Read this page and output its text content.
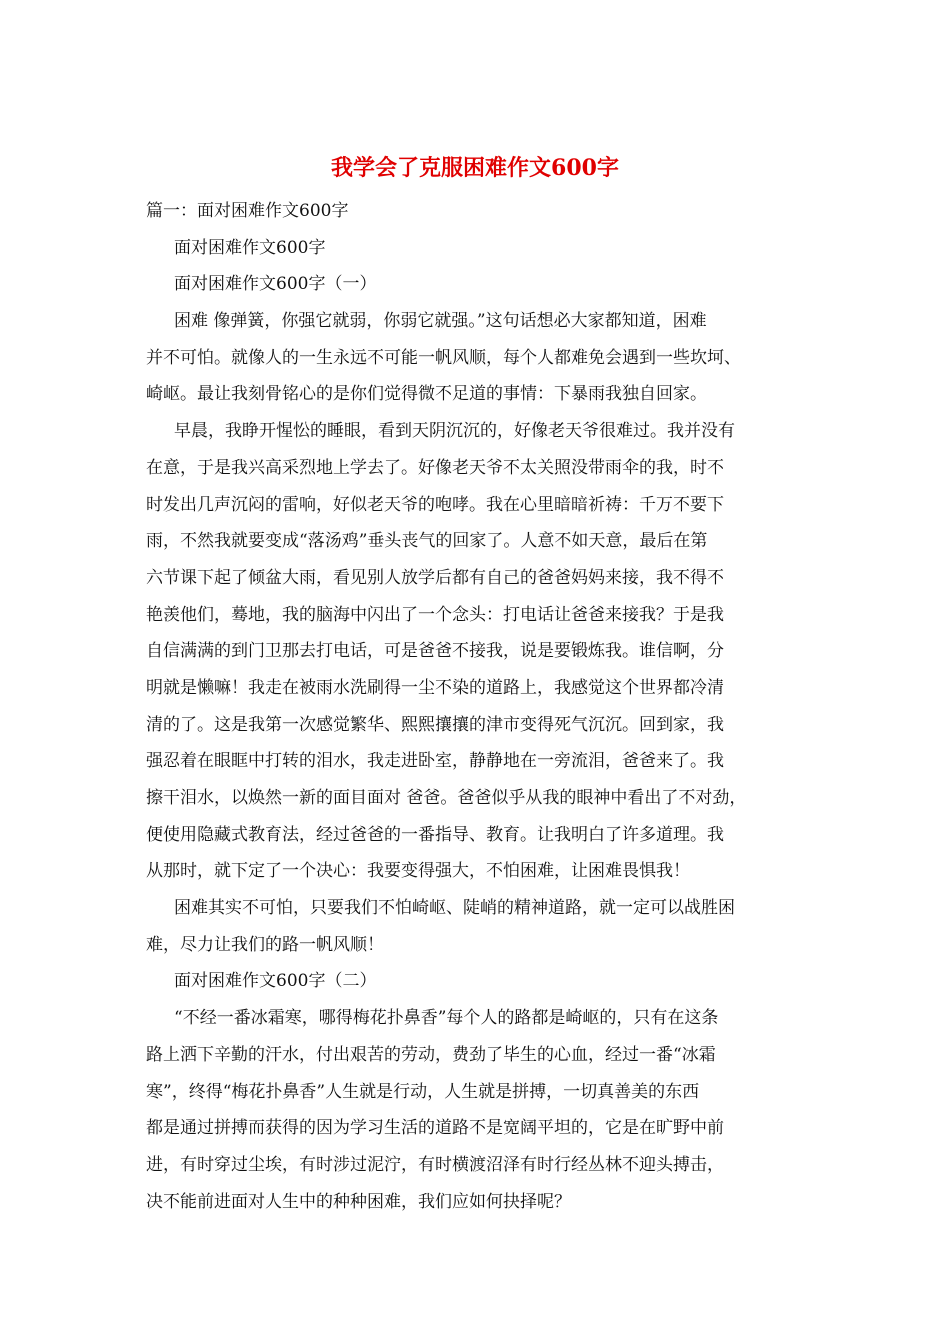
我学会了克服困难作文600字
篇一：面对困难作文600字
面对困难作文600字
面对困难作文600字（一）
困难 像弹簧，你强它就弱，你弱它就强。”这句话想必大家都知道，困难
并不可怕。就像人的一生永远不可能一帆风顺，每个人都难免会遇到一些坎坷、
崎岖。最让我刻骨铭心的是你们觉得微不足道的事情：下暴雨我独自回家。
早晨，我睁开惺忪的睡眼，看到天阴沉沉的，好像老天爷很难过。我并没有
在意，于是我兴高采烈地上学去了。好像老天爷不太关照没带雨伞的我，时不
时发出几声沉闷的雷响，好似老天爷的咆哮。我在心里暗暗祈祷：千万不要下
雨，不然我就要变成“落汤鸡”垂头丧气的回家了。人意不如天意，最后在第
六节课下起了倾盆大雨，看见别人放学后都有自己的爸爸妈妈来接，我不得不
艳羡他们，蓦地，我的脑海中闪出了一个念头：打电话让爸爸来接我？于是我
自信满满的到门卫那去打电话，可是爸爸不接我，说是要锻炼我。谁信啊，分
明就是懒嘛！我走在被雨水洗刷得一尘不染的道路上，我感觉这个世界都冷清
清的了。这是我第一次感觉繁华、熙熙攘攘的津市变得死气沉沉。回到家，我
强忍着在眼眶中打转的泪水，我走进卧室，静静地在一旁流泪，爸爸来了。我
擦干泪水，以焕然一新的面目面对 爸爸。爸爸似乎从我的眼神中看出了不对劲，
便使用隐藏式教育法，经过爸爸的一番指导、教育。让我明白了许多道理。我
从那时，就下定了一个决心：我要变得强大，不怕困难，让困难畏惧我！
困难其实不可怕，只要我们不怕崎岖、陡峭的精神道路，就一定可以战胜困
难，尽力让我们的路一帆风顺！
面对困难作文600字（二）
“不经一番冰霜寒，哪得梅花扑鼻香”每个人的路都是崎岖的，只有在这条
路上洒下辛勤的汗水，付出艰苦的劳动，费劲了毕生的心血，经过一番“冰霜
寒”，终得“梅花扑鼻香”人生就是行动，人生就是拼搏，一切真善美的东西
都是通过拼搏而获得的因为学习生活的道路不是宽阔平坦的，它是在旷野中前
进，有时穿过尘埃，有时涉过泥泞，有时横渡沼泽有时行经丛林不迎头搏击，
决不能前进面对人生中的种种困难，我们应如何抉择呢？
